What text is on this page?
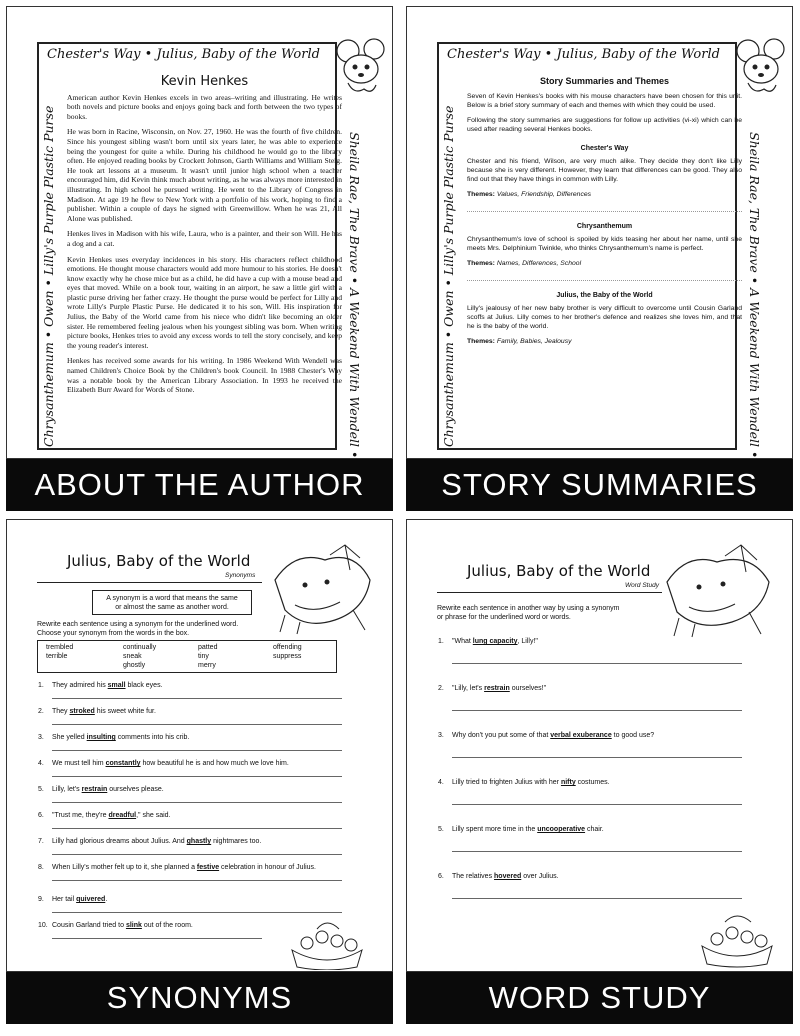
Chester's Way • Julius, Baby of the World
Chrysanthemum • Owen • Lilly's Purple Plastic Purse	Sheila Rae, The Brave • A Weekend With Wendell •
Kevin Henkes

American author Kevin Henkes excels in two areas–writing and illustrating. He writes both novels and picture books and enjoys going back and forth between the two types of books.

He was born in Racine, Wisconsin, on Nov. 27, 1960. He was the fourth of five children. Since his youngest sibling wasn't born until six years later, he was able to experience being the youngest for quite a while. During his childhood he would go to the library often. He enjoyed reading books by Crockett Johnson, Garth Williams and William Steig. He took art lessons at a museum. It wasn't until junior high school when a teacher encouraged him, did Kevin think much about writing, as he was always more interested in illustrating. In high school he pursued writing. He went to the Library of Congress in Madison. At age 19 he flew to New York with a portfolio of his work, hoping to find a publisher. Within a couple of days he signed with Greenwillow. When he was 21, All Alone was published.

Henkes lives in Madison with his wife, Laura, who is a painter, and their son Will. He has a dog and a cat.

Kevin Henkes uses everyday incidences in his story. His characters reflect childhood emotions. He thought mouse characters would add more humour to his stories. He doesn't know exactly why he chose mice but as a child, he did have a cup with a mouse bead and eyes that moved. While on a book tour, waiting in an airport, he saw a little girl with a plastic purse driving her father crazy. He thought the purse would be perfect for Lilly and wrote Lilly's Purple Plastic Purse. He dedicated it to his son, Will. His inspiration for Julius, the Baby of the World came from his niece who didn't like becoming an older sister. He remembered feeling jealous when his youngest sibling was born. When writing picture books, Henkes tries to avoid any excess words to tell the story concisely, and keep the young reader's interest.

Henkes has received some awards for his writing. In 1986 Weekend With Wendell was named Children's Choice Book by the Children's book Council. In 1988 Chester's Way was a notable book by the American Library Association. In 1993 he received the Elizabeth Burr Award for Words of Stone.

ABOUT THE AUTHOR
Chester's Way • Julius, Baby of the World
Chrysanthemum • Owen • Lilly's Purple Plastic Purse	Sheila Rae, The Brave • A Weekend With Wendell •
Story Summaries and Themes

Seven of Kevin Henkes's books with his mouse characters have been chosen for this unit. Below is a brief story summary of each and themes with which they could be used.

Following the story summaries are suggestions for follow up activities (vi-xi) which can be used after reading several Henkes books.

Chester's Way

Chester and his friend, Wilson, are very much alike. They decide they don't like Lilly because she is very different. However, they learn that differences can be good. They also find out that they have things in common with Lilly.

Themes: Values, Friendship, Differences
Chrysanthemum

Chrysanthemum's love of school is spoiled by kids teasing her about her name, until she meets Mrs. Delphinium Twinkle, who thinks Chrysanthemum's name is perfect.

Themes: Names, Differences, School
Julius, the Baby of the World

Lilly's jealousy of her new baby brother is very difficult to overcome until Cousin Garland scoffs at Julius. Lilly comes to her brother's defence and realizes she loves him, and that he is the baby of the world.

Themes: Family, Babies, Jealousy
STORY SUMMARIES
Julius, Baby of the World
Synonyms
A synonym is a word that means the same
or almost the same as another word.
Rewrite each sentence using a synonym for the underlined word.
Choose your synonym from the words in the box.
trembled
terrible
continually
sneak
ghostly
patted
tiny
merry
offending
suppress
1. They admired his small black eyes.
2. They stroked his sweet white fur.
3. She yelled insulting comments into his crib.
4. We must tell him constantly how beautiful he is and how much we love him.
5. Lilly, let's restrain ourselves please.
6. "Trust me, they're dreadful," she said.
7. Lilly had glorious dreams about Julius. And ghastly nightmares too.
8. When Lilly's mother felt up to it, she planned a festive celebration in honour of Julius.
9. Her tail quivered.
10. Cousin Garland tried to slink out of the room.
SYNONYMS
Julius, Baby of the World
Word Study
Rewrite each sentence in another way by using a synonym
or phrase for the underlined word or words.
1. "What lung capacity, Lilly!"
2. "Lilly, let's restrain ourselves!"
3. Why don't you put some of that verbal exuberance to good use?
4. Lilly tried to frighten Julius with her nifty costumes.
5. Lilly spent more time in the uncooperative chair.
6. The relatives hovered over Julius.
WORD STUDY
